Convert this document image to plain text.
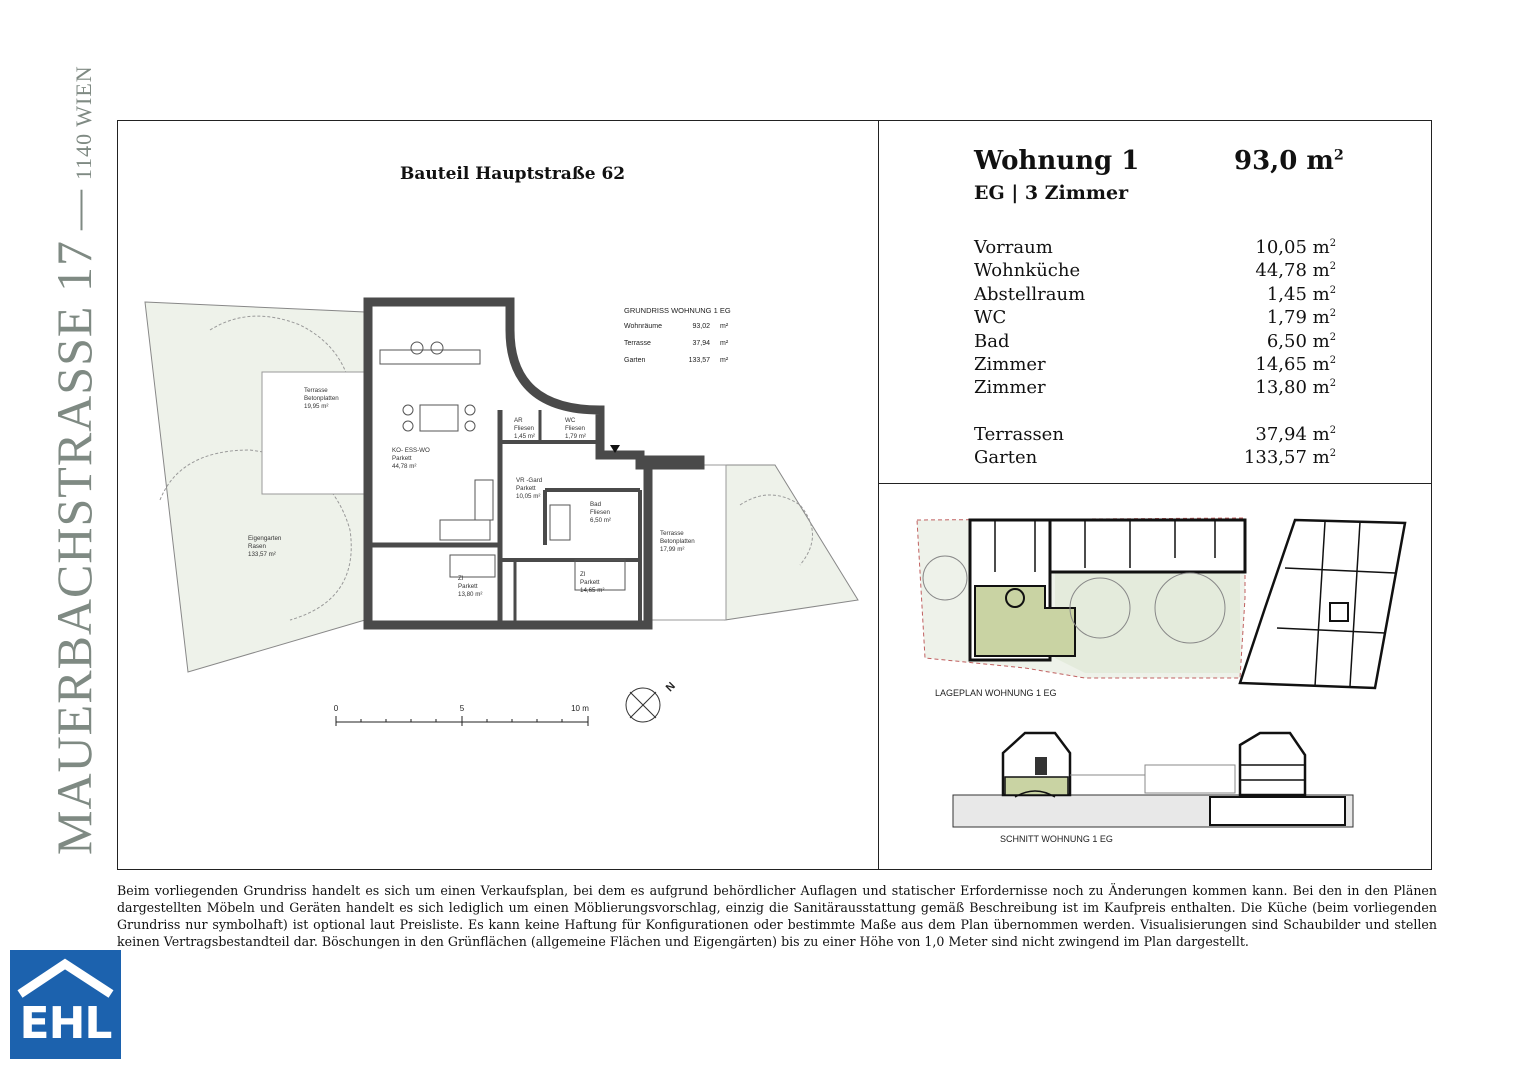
MAUERBACHSTRASSE 17 — 1140 WIEN	Bauteil Hauptstraße 62
Terrasse Betonplatten 19,95 m²
Eigengarten Rasen 133,57 m²
KO- ESS-WO Parkett 44,78 m²
AR Fliesen 1,45 m²
WC Fliesen 1,79 m²
VR -Gard Parkett 10,05 m²
Bad Fliesen 6,50 m²
ZI Parkett 13,80 m²
ZI Parkett 14,65 m²
Terrasse Betonplatten 17,99 m²
GRUNDRISS WOHNUNG 1 EG
Wohnräume	93,02 m²
Terrasse	37,94 m²
Garten	133,57 m²
0	5	10 m
N
Wohnung 1	93,0 $m^2$
EG | 3 Zimmer
Vorraum	10,05 $m^2$
Wohnküche	44,78 $m^2$
Abstellraum	1,45 $m^2$
WC	1,79 $m^2$
Bad	6,50 $m^2$
Zimmer	14,65 $m^2$
Zimmer	13,80 $m^2$
Terrassen	37,94 $m^2$
Garten	133,57 $m^2$
LAGEPLAN WOHNUNG 1 EG
SCHNITT WOHNUNG 1 EG
Beim vorliegenden Grundriss handelt es sich um einen Verkaufsplan, bei dem es aufgrund behördlicher Auflagen und statischer Erfordernisse noch zu Änderungen kommen kann. Bei den in den Plänen dargestellten Möbeln und Geräten handelt es sich lediglich um einen Möblierungsvorschlag, einzig die Sanitärausstattung gemäß Beschreibung ist im Kaufpreis enthalten. Die Küche (beim vorliegenden Grundriss nur symbolhaft) ist optional laut Preisliste. Es kann keine Haftung für Konfigurationen oder bestimmte Maße aus dem Plan übernommen werden. Visualisierungen sind Schaubilder und stellen keinen Vertragsbestandteil dar. Böschungen in den Grünflächen (allgemeine Flächen und Eigengärten) bis zu einer Höhe von 1,0 Meter sind nicht zwingend im Plan dargestellt.
EHL
